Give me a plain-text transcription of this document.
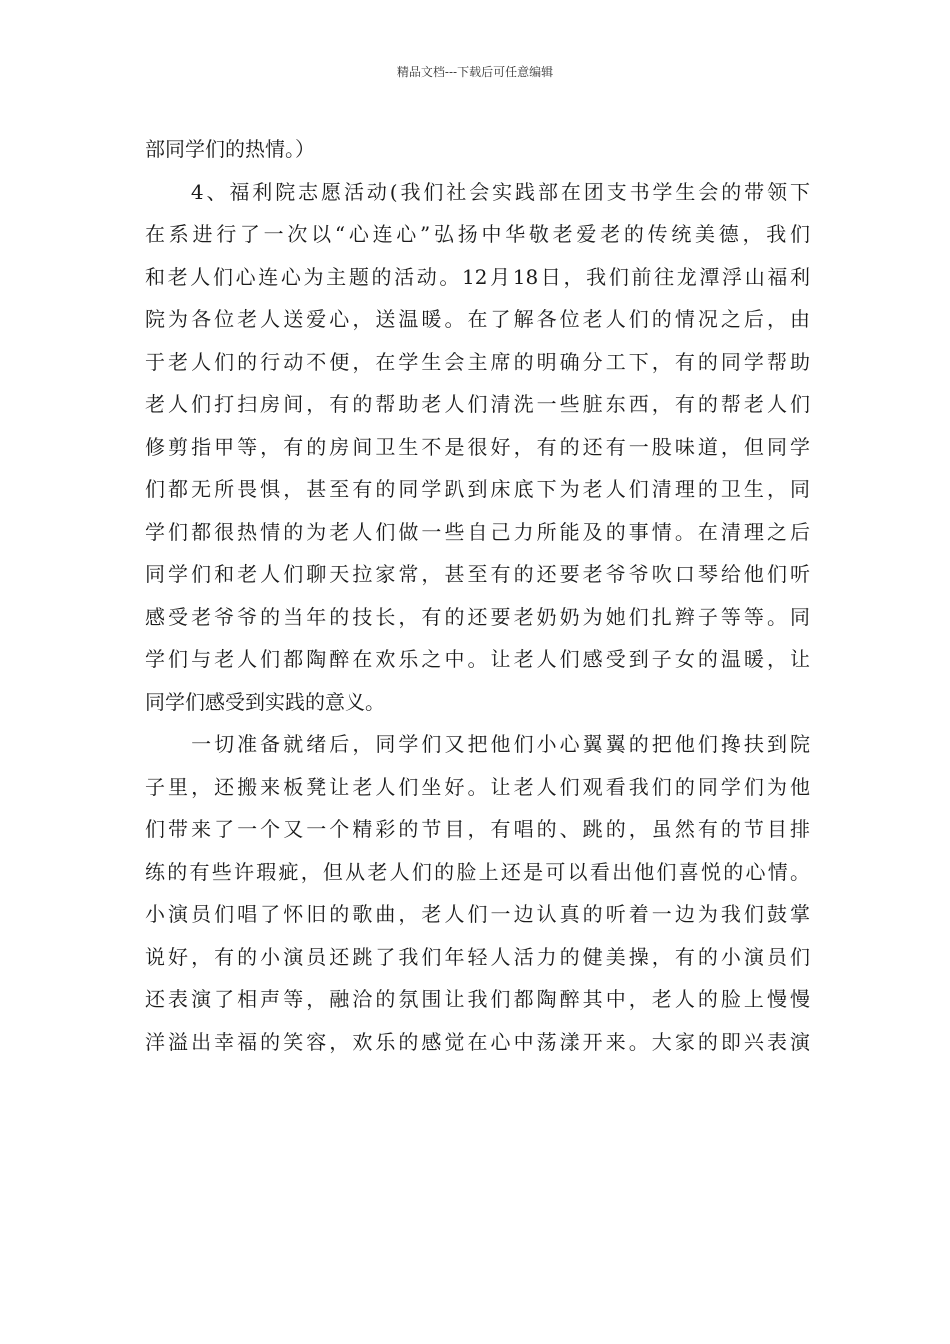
精品文档---下载后可任意编辑
部同学们的热情。）
　　4、福利院志愿活动(我们社会实践部在团支书学生会的带领下
在系进行了一次以“心连心”弘扬中华敬老爱老的传统美德，我们
和老人们心连心为主题的活动。12月18日，我们前往龙潭浮山福利
院为各位老人送爱心，送温暖。在了解各位老人们的情况之后，由
于老人们的行动不便，在学生会主席的明确分工下，有的同学帮助
老人们打扫房间，有的帮助老人们清洗一些脏东西，有的帮老人们
修剪指甲等，有的房间卫生不是很好，有的还有一股味道，但同学
们都无所畏惧，甚至有的同学趴到床底下为老人们清理的卫生，同
学们都很热情的为老人们做一些自己力所能及的事情。在清理之后
同学们和老人们聊天拉家常，甚至有的还要老爷爷吹口琴给他们听
感受老爷爷的当年的技长，有的还要老奶奶为她们扎辫子等等。同
学们与老人们都陶醉在欢乐之中。让老人们感受到子女的温暖，让
同学们感受到实践的意义。
　　一切准备就绪后，同学们又把他们小心翼翼的把他们搀扶到院
子里，还搬来板凳让老人们坐好。让老人们观看我们的同学们为他
们带来了一个又一个精彩的节目，有唱的、跳的，虽然有的节目排
练的有些许瑕疵，但从老人们的脸上还是可以看出他们喜悦的心情。
小演员们唱了怀旧的歌曲，老人们一边认真的听着一边为我们鼓掌
说好，有的小演员还跳了我们年轻人活力的健美操，有的小演员们
还表演了相声等，融洽的氛围让我们都陶醉其中，老人的脸上慢慢
洋溢出幸福的笑容，欢乐的感觉在心中荡漾开来。大家的即兴表演
